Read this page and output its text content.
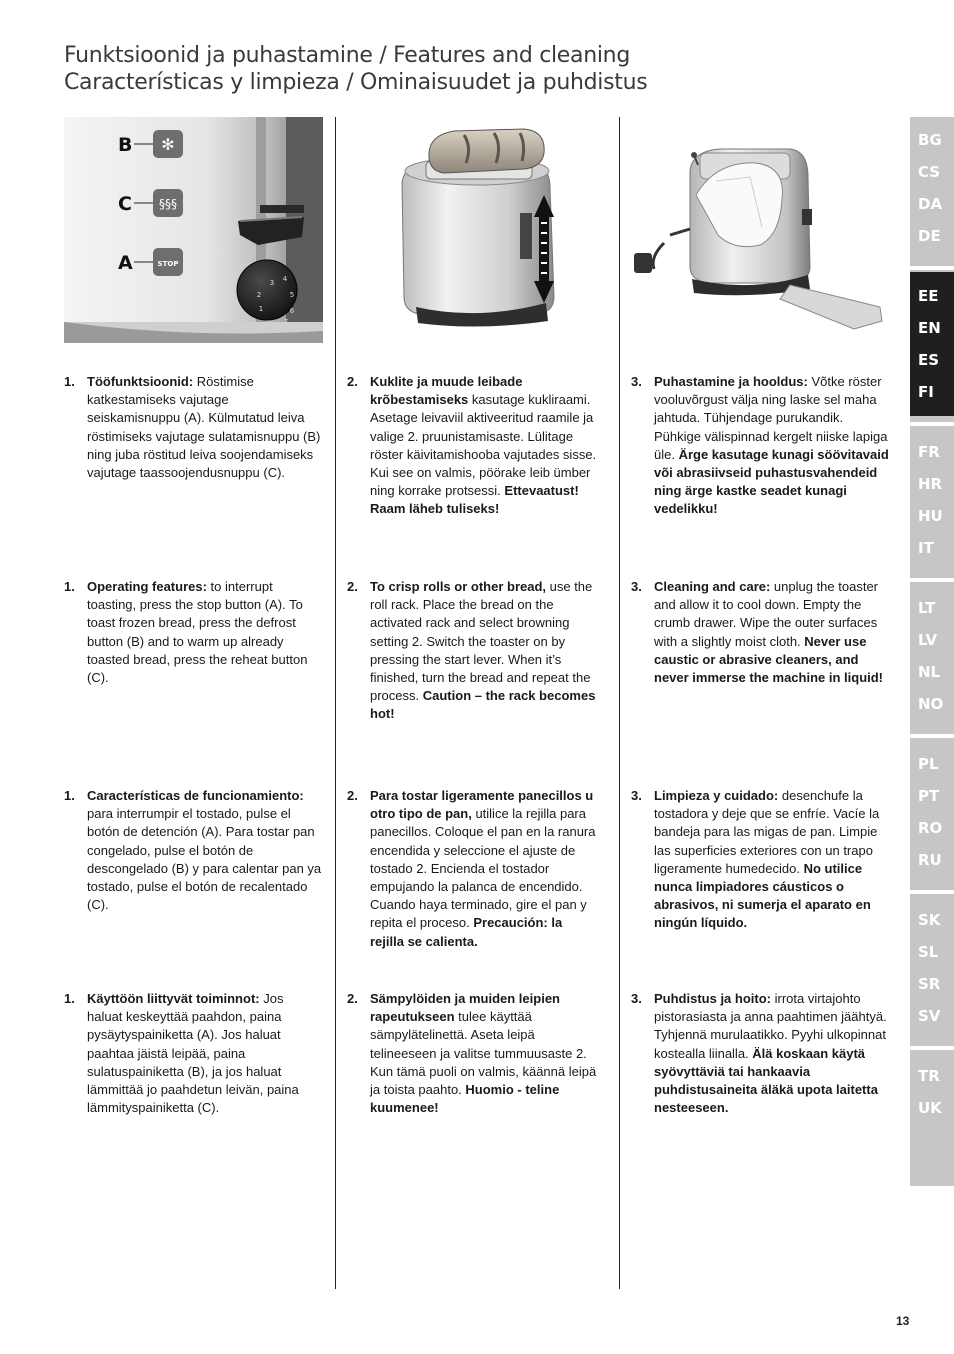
Funktsioonid ja puhastamine / Features and cleaning
Características y limpieza / Ominaisuudet ja puhdistus
✻
§§§
STOP
B
C
A
3 4
2	5
1	6
7
1. Tööfunktsioonid: Röstimise katkestamiseks vajutage seiskamisnuppu (A). Külmutatud leiva röstimiseks vajutage sulatamisnuppu (B) ning juba röstitud leiva soojendamiseks vajutage taassoojendusnuppu (C).
2. Kuklite ja muude leibade krõbestamiseks kasutage kukliraami. Asetage leivaviil aktiveeritud raamile ja valige 2. pruunistamisaste. Lülitage röster käivitamishooba vajutades sisse. Kui see on valmis, pöörake leib ümber ning korrake protsessi. Ettevaatust! Raam läheb tuliseks!
3. Puhastamine ja hooldus: Võtke röster vooluvõrgust välja ning laske sel maha jahtuda. Tühjendage purukandik. Pühkige välispinnad kergelt niiske lapiga üle. Ärge kasutage kunagi söövitavaid või abrasiivseid puhastusvahendeid ning ärge kastke seadet kunagi vedelikku!
1. Operating features: to interrupt toasting, press the stop button (A). To toast frozen bread, press the defrost button (B) and to warm up already toasted bread, press the reheat button (C).
2. To crisp rolls or other bread, use the roll rack. Place the bread on the activated rack and select browning setting 2. Switch the toaster on by pressing the start lever. When it’s finished, turn the bread and repeat the process. Caution – the rack becomes hot!
3. Cleaning and care: unplug the toaster and allow it to cool down. Empty the crumb drawer. Wipe the outer surfaces with a slightly moist cloth. Never use caustic or abrasive cleaners, and never immerse the machine in liquid!
1. Características de funcionamiento: para interrumpir el tostado, pulse el botón de detención (A). Para tostar pan congelado, pulse el botón de descongelado (B) y para calentar pan ya tostado, pulse el botón de recalentado (C).
2. Para tostar ligeramente panecillos u otro tipo de pan, utilice la rejilla para panecillos. Coloque el pan en la ranura encendida y seleccione el ajuste de tostado 2. Encienda el tostador empujando la palanca de encendido. Cuando haya terminado, gire el pan y repita el proceso. Precaución: la rejilla se calienta.
3. Limpieza y cuidado: desenchufe la tostadora y deje que se enfríe. Vacíe la bandeja para las migas de pan. Limpie las superficies exteriores con un trapo ligeramente humedecido. No utilice nunca limpiadores cáusticos o abrasivos, ni sumerja el aparato en ningún líquido.
1. Käyttöön liittyvät toiminnot: Jos haluat keskeyttää paahdon, paina pysäytyspainiketta (A). Jos haluat paahtaa jäistä leipää, paina sulatuspainiketta (B), ja jos haluat lämmittää jo paahdetun leivän, paina lämmityspainiketta (C).
2. Sämpylöiden ja muiden leipien rapeutukseen tulee käyttää sämpylätelinettä. Aseta leipä telineeseen ja valitse tummuusaste 2. Kun tämä puoli on valmis, käännä leipä ja toista paahto. Huomio - teline kuumenee!
3. Puhdistus ja hoito: irrota virtajohto pistorasiasta ja anna paahtimen jäähtyä. Tyhjennä murulaatikko. Pyyhi ulkopinnat kostealla liinalla. Älä koskaan käytä syövyttäviä tai hankaavia puhdistusaineita äläkä upota laitetta nesteeseen.
BG
CS
DA
DE
EE
EN
ES
FI
FR
HR
HU
IT
LT
LV
NL
NO
PL
PT
RO
RU
SK
SL
SR
SV
TR
UK
13
